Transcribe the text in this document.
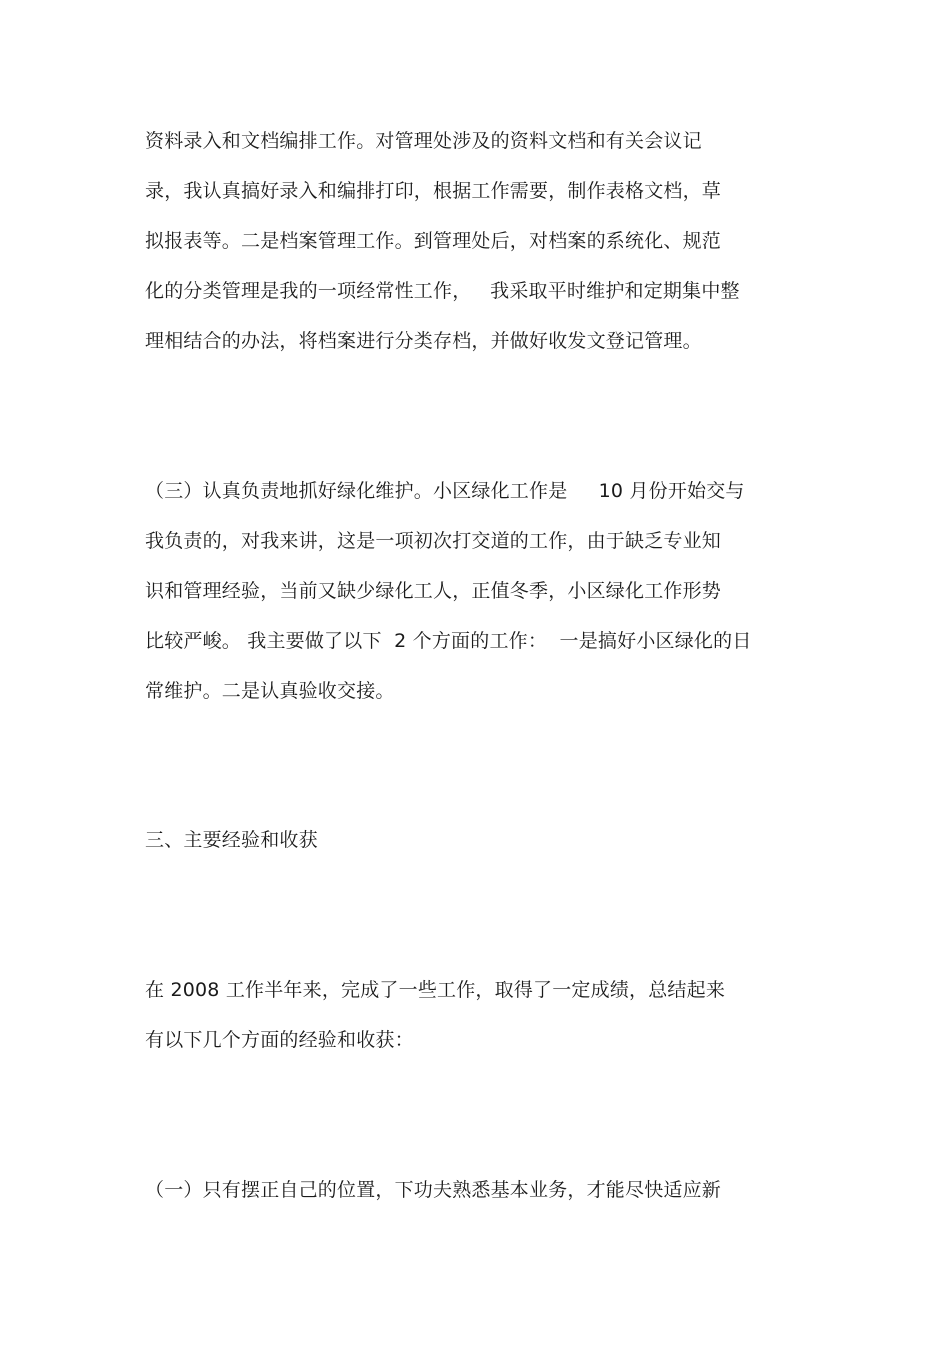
资料录入和文档编排工作。对管理处涉及的资料文档和有关会议记
录，我认真搞好录入和编排打印，根据工作需要，制作表格文档，草
拟报表等。二是档案管理工作。到管理处后，对档案的系统化、规范
化的分类管理是我的一项经常性工作，   我采取平时维护和定期集中整
理相结合的办法，将档案进行分类存档，并做好收发文登记管理。
（三）认真负责地抓好绿化维护。小区绿化工作是     10 月份开始交与
我负责的，对我来讲，这是一项初次打交道的工作，由于缺乏专业知
识和管理经验，当前又缺少绿化工人，正值冬季，小区绿化工作形势
比较严峻。 我主要做了以下  2 个方面的工作：  一是搞好小区绿化的日
常维护。二是认真验收交接。
三、主要经验和收获
在 2008 工作半年来，完成了一些工作，取得了一定成绩，总结起来
有以下几个方面的经验和收获：
（一）只有摆正自己的位置，下功夫熟悉基本业务，才能尽快适应新
